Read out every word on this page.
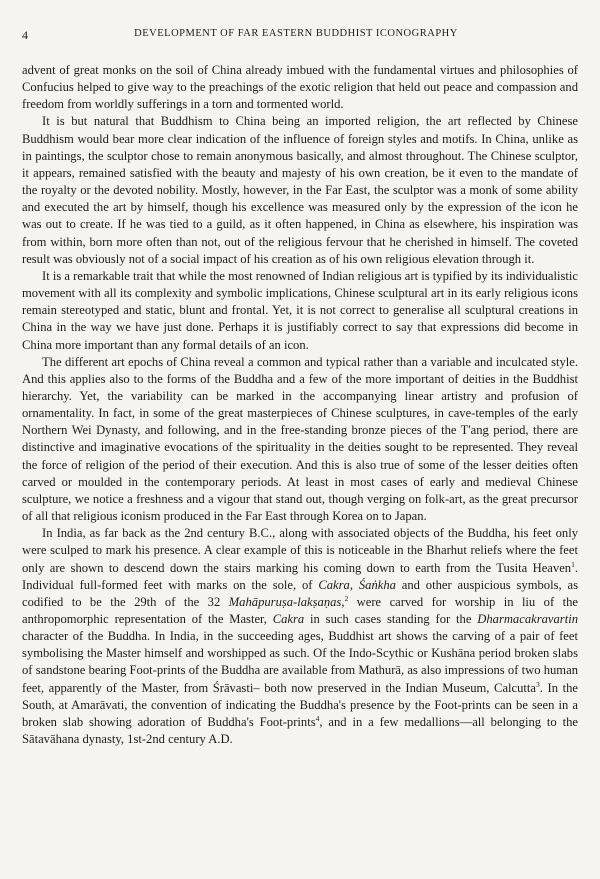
4	DEVELOPMENT OF FAR EASTERN BUDDHIST ICONOGRAPHY

advent of great monks on the soil of China already imbued with the fundamental virtues and philosophies of Confucius helped to give way to the preachings of the exotic religion that held out peace and compassion and freedom from worldly sufferings in a torn and tormented world.

It is but natural that Buddhism to China being an imported religion, the art reflected by Chinese Buddhism would bear more clear indication of the influence of foreign styles and motifs. In China, unlike as in paintings, the sculptor chose to remain anonymous basically, and almost throughout. The Chinese sculptor, it appears, remained satisfied with the beauty and majesty of his own creation, be it even to the mandate of the royalty or the devoted nobility. Mostly, however, in the Far East, the sculptor was a monk of some ability and executed the art by himself, though his excellence was measured only by the expression of the icon he was out to create. If he was tied to a guild, as it often happened, in China as elsewhere, his inspiration was from within, born more often than not, out of the religious fervour that he cherished in himself. The coveted result was obviously not of a social impact of his creation as of his own religious elevation through it.

It is a remarkable trait that while the most renowned of Indian religious art is typified by its individualistic movement with all its complexity and symbolic implications, Chinese sculptural art in its early religious icons remain stereotyped and static, blunt and frontal. Yet, it is not correct to generalise all sculptural creations in China in the way we have just done. Perhaps it is justifiably correct to say that expressions did become in China more important than any formal details of an icon.

The different art epochs of China reveal a common and typical rather than a variable and inculcated style. And this applies also to the forms of the Buddha and a few of the more important of deities in the Buddhist hierarchy. Yet, the variability can be marked in the accompanying linear artistry and profusion of ornamentality. In fact, in some of the great masterpieces of Chinese sculptures, in cave-temples of the early Northern Wei Dynasty, and following, and in the free-standing bronze pieces of the T'ang period, there are distinctive and imaginative evocations of the spirituality in the deities sought to be represented. They reveal the force of religion of the period of their execution. And this is also true of some of the lesser deities often carved or moulded in the contemporary periods. At least in most cases of early and medieval Chinese sculpture, we notice a freshness and a vigour that stand out, though verging on folk-art, as the great precursor of all that religious iconism produced in the Far East through Korea on to Japan.

In India, as far back as the 2nd century B.C., along with associated objects of the Buddha, his feet only were sculped to mark his presence. A clear example of this is noticeable in the Bharhut reliefs where the feet only are shown to descend down the stairs marking his coming down to earth from the Tusita Heaven$^1$. Individual full-formed feet with marks on the sole, of Cakra, Śaṅkha and other auspicious symbols, as codified to be the 29th of the 32 Mahāpuruṣa-lakṣaṇas,$^2$ were carved for worship in liu of the anthropomorphic representation of the Master, Cakra in such cases standing for the Dharmacakravartin character of the Buddha. In India, in the succeeding ages, Buddhist art shows the carving of a pair of feet symbolising the Master himself and worshipped as such. Of the Indo-Scythic or Kushāna period broken slabs of sandstone bearing Foot-prints of the Buddha are available from Mathurā, as also impressions of two human feet, apparently of the Master, from Śrāvasti– both now preserved in the Indian Museum, Calcutta$^3$. In the South, at Amarāvati, the convention of indicating the Buddha's presence by the Foot-prints can be seen in a broken slab showing adoration of Buddha's Foot-prints$^4$, and in a few medallions—all belonging to the Sātavāhana dynasty, 1st-2nd century A.D.
